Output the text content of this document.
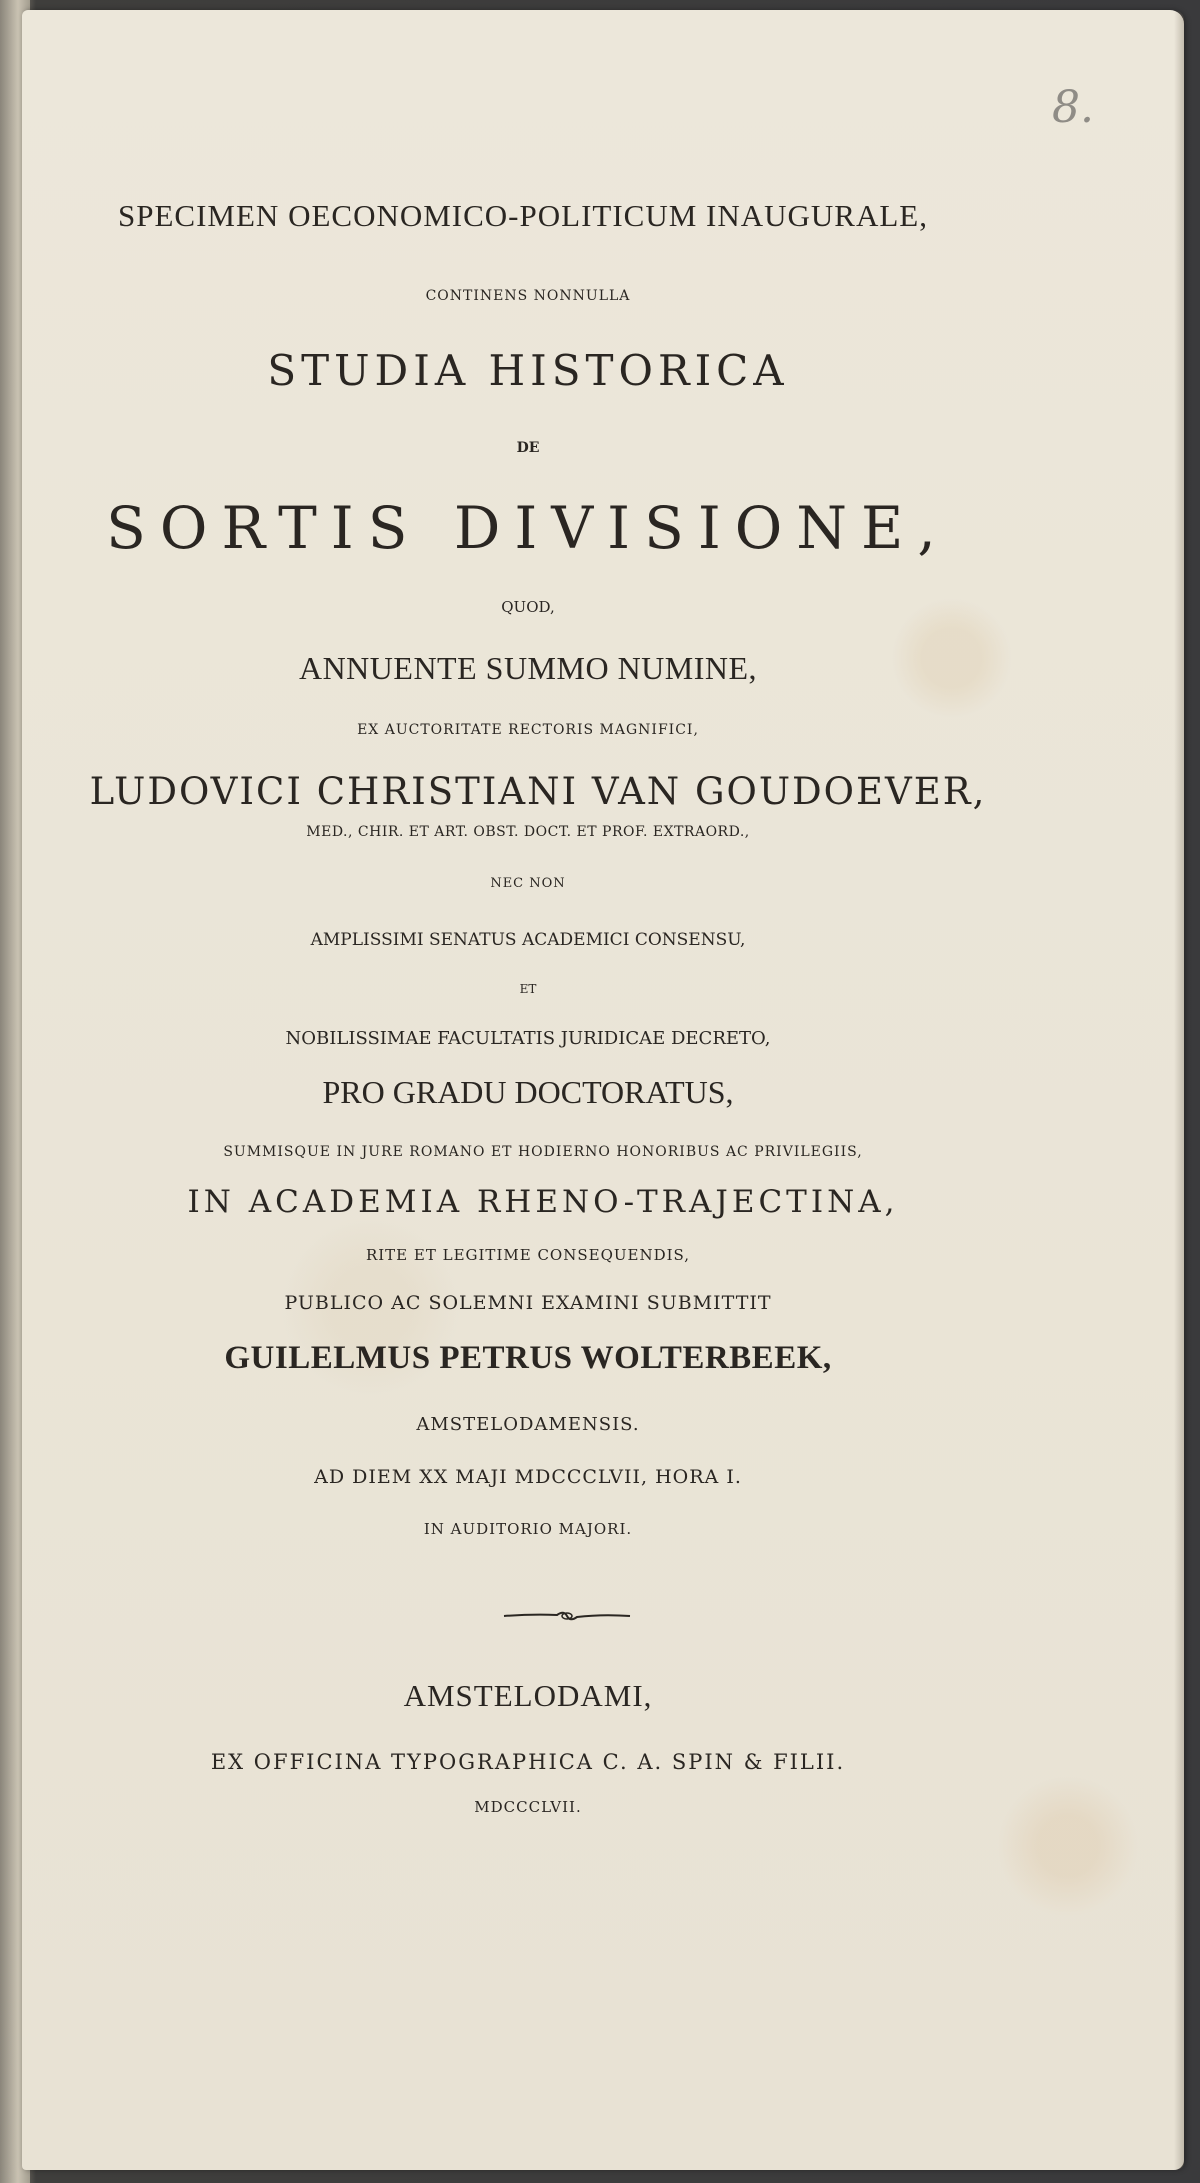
8.
SPECIMEN OECONOMICO-POLITICUM INAUGURALE,
CONTINENS NONNULLA
STUDIA HISTORICA
DE
SORTIS DIVISIONE,
QUOD,
ANNUENTE SUMMO NUMINE,
EX AUCTORITATE RECTORIS MAGNIFICI,
LUDOVICI CHRISTIANI VAN GOUDOEVER,
MED., CHIR. ET ART. OBST. DOCT. ET PROF. EXTRAORD.,
NEC NON
AMPLISSIMI SENATUS ACADEMICI CONSENSU,
ET
NOBILISSIMAE FACULTATIS JURIDICAE DECRETO,
PRO GRADU DOCTORATUS,
SUMMISQUE IN JURE ROMANO ET HODIERNO HONORIBUS AC PRIVILEGIIS,
IN ACADEMIA RHENO-TRAJECTINA,
RITE ET LEGITIME CONSEQUENDIS,
PUBLICO AC SOLEMNI EXAMINI SUBMITTIT
GUILELMUS PETRUS WOLTERBEEK,
AMSTELODAMENSIS.
AD DIEM XX MAJI MDCCCLVII, HORA I.
IN AUDITORIO MAJORI.
AMSTELODAMI,
EX OFFICINA TYPOGRAPHICA C. A. SPIN & FILII.
MDCCCLVII.
